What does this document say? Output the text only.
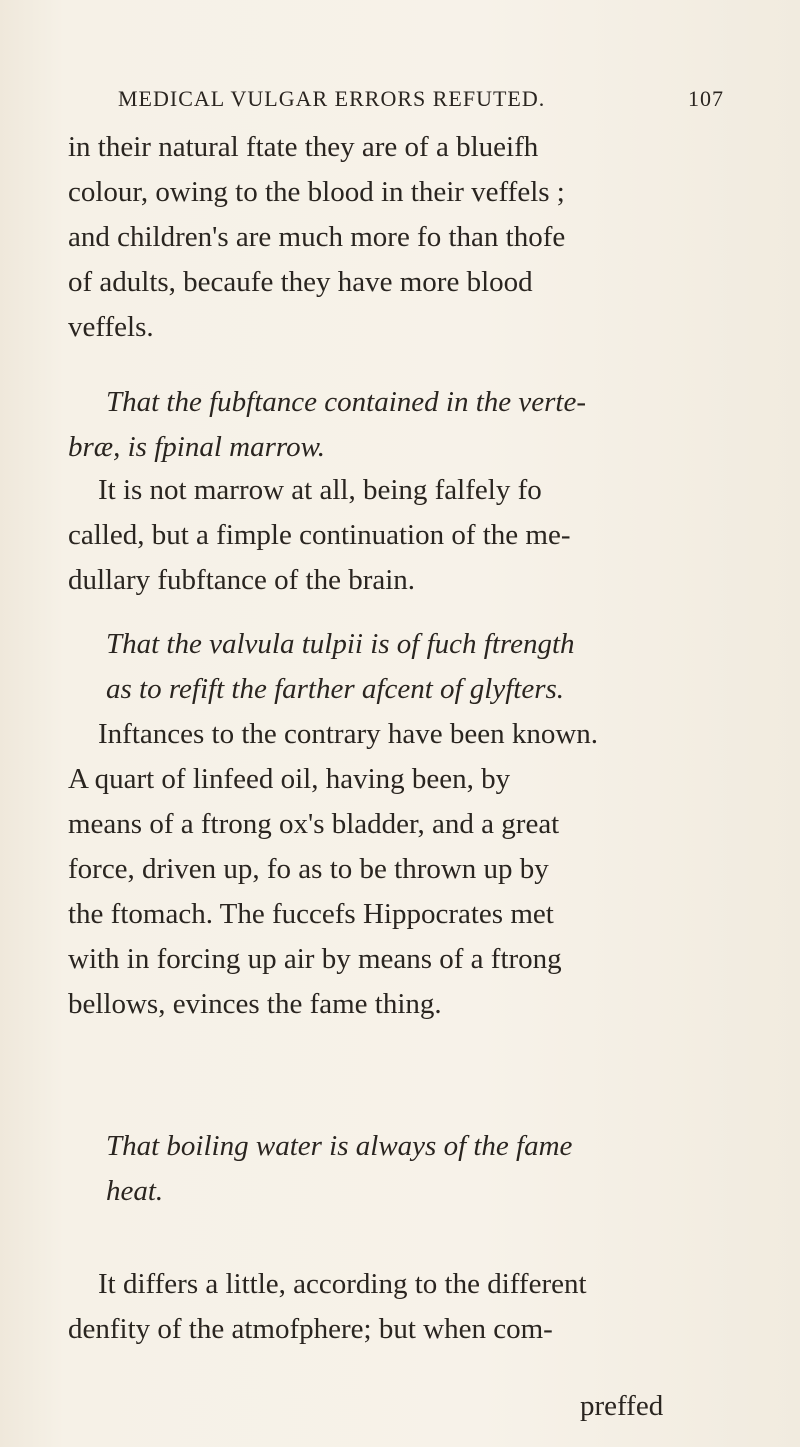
MEDICAL VULGAR ERRORS REFUTED.	107
in their natural ftate they are of a blueifh
colour, owing to the blood in their veffels ;
and children's are much more fo than thofe
of adults, becaufe they have more blood
veffels.
That the fubftance contained in the verte-
bræ, is fpinal marrow.
It is not marrow at all, being falfely fo
called, but a fimple continuation of the me-
dullary fubftance of the brain.
That the valvula tulpii is of fuch ftrength
as to refift the farther afcent of glyfters.
Inftances to the contrary have been known.
A quart of linfeed oil, having been, by
means of a ftrong ox's bladder, and a great
force, driven up, fo as to be thrown up by
the ftomach. The fuccefs Hippocrates met
with in forcing up air by means of a ftrong
bellows, evinces the fame thing.
That boiling water is always of the fame
heat.
It differs a little, according to the different
denfity of the atmofphere; but when com-
preffed
